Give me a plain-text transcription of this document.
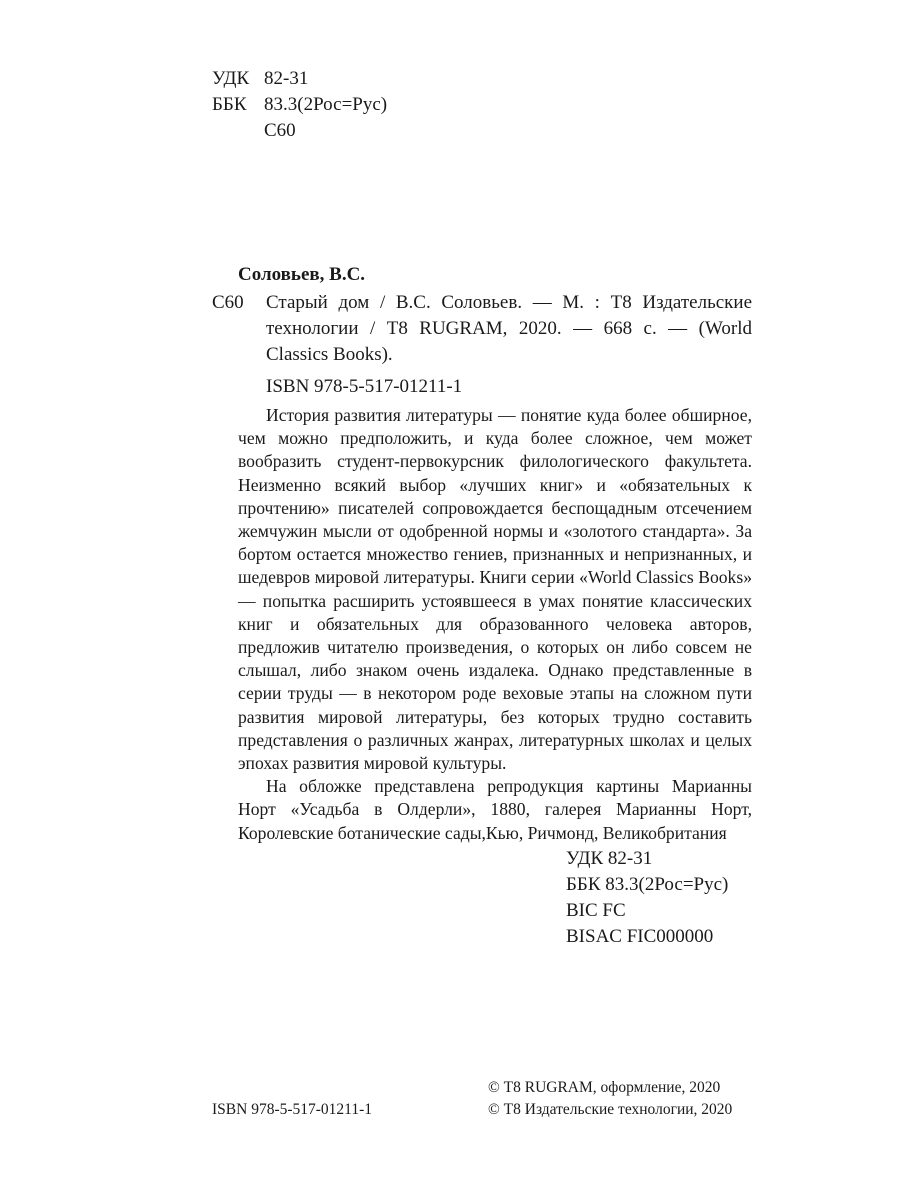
УДК 82-31
ББК 83.3(2Рос=Рус)
С60
Соловьев, В.С.
С60 Старый дом / В.С. Соловьев. — М. : Т8 Издательские технологии / Т8 RUGRAM, 2020. — 668 с. — (World Classics Books).
ISBN 978-5-517-01211-1

История развития литературы — понятие куда более обширное, чем можно предположить, и куда более сложное, чем может вообразить студент-первокурсник филологического факультета. Неизменно всякий выбор «лучших книг» и «обязательных к прочтению» писателей сопровождается беспощадным отсечением жемчужин мысли от одобренной нормы и «золотого стандарта». За бортом остается множество гениев, признанных и непризнанных, и шедевров мировой литературы. Книги серии «World Classics Books» — попытка расширить устоявшееся в умах понятие классических книг и обязательных для образованного человека авторов, предложив читателю произведения, о которых он либо совсем не слышал, либо знаком очень издалека. Однако представленные в серии труды — в некотором роде веховые этапы на сложном пути развития мировой литературы, без которых трудно составить представления о различных жанрах, литературных школах и целых эпохах развития мировой культуры.

На обложке представлена репродукция картины Марианны Норт «Усадьба в Олдерли», 1880, галерея Марианны Норт, Королевские ботанические сады,Кью, Ричмонд, Великобритания

УДК 82-31
ББК 83.3(2Рос=Рус)
BIC FC
BISAC FIC000000
ISBN 978-5-517-01211-1
© Т8 RUGRAM, оформление, 2020
© Т8 Издательские технологии, 2020
